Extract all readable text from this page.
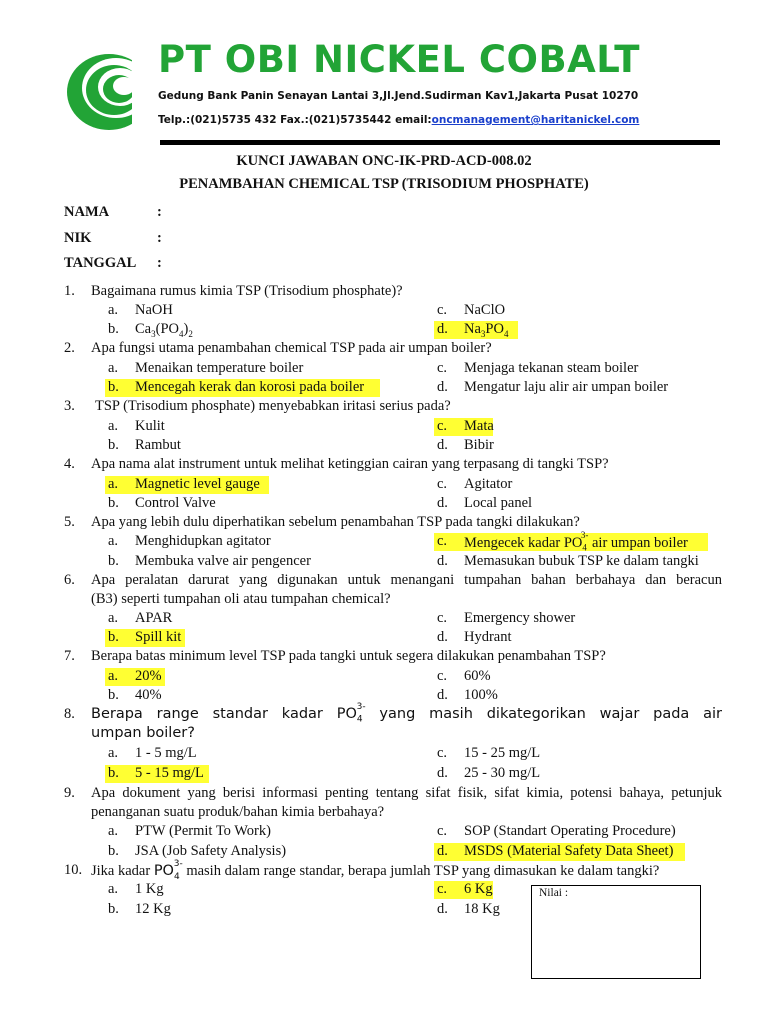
PT OBI NICKEL COBALT
Gedung Bank Panin Senayan Lantai 3,Jl.Jend.Sudirman Kav1,Jakarta Pusat 10270
Telp.:(021)5735 432 Fax.:(021)5735442 email:oncmanagement@haritanickel.com
KUNCI JAWABAN ONC-IK-PRD-ACD-008.02
PENAMBAHAN CHEMICAL TSP (TRISODIUM PHOSPHATE)
NAMA	:
NIK	:
TANGGAL :
1. Bagaimana rumus kimia TSP (Trisodium phosphate)?
a. NaOH	c. NaClO
b. $Ca_3(PO_4)_2$	d. $Na_3PO_4$
2. Apa fungsi utama penambahan chemical TSP pada air umpan boiler?
a. Menaikan temperature boiler	c. Menjaga tekanan steam boiler
b. Mencegah kerak dan korosi pada boiler	d. Mengatur laju alir air umpan boiler
3. TSP (Trisodium phosphate) menyebabkan iritasi serius pada?
a. Kulit	c. Mata
b. Rambut	d. Bibir
4. Apa nama alat instrument untuk melihat ketinggian cairan yang terpasang di tangki TSP?
a. Magnetic level gauge	c. Agitator
b. Control Valve	d. Local panel
5. Apa yang lebih dulu diperhatikan sebelum penambahan TSP pada tangki dilakukan?
a. Menghidupkan agitator	c. Mengecek kadar $PO_4^{3-}$ air umpan boiler
b. Membuka valve air pengencer	d. Memasukan bubuk TSP ke dalam tangki
6. Apa peralatan darurat yang digunakan untuk menangani tumpahan bahan berbahaya dan beracun
(B3) seperti tumpahan oli atau tumpahan chemical?
a. APAR	c. Emergency shower
b. Spill kit	d. Hydrant
7. Berapa batas minimum level TSP pada tangki untuk segera dilakukan penambahan TSP?
a. 20%	c. 60%
b. 40%	d. 100%
8. Berapa range standar kadar $PO_4^{3-}$ yang masih dikategorikan wajar pada air
umpan boiler?
a. 1 - 5 mg/L	c. 15 - 25 mg/L
b. 5 - 15 mg/L	d. 25 - 30 mg/L
9. Apa dokument yang berisi informasi penting tentang sifat fisik, sifat kimia, potensi bahaya, petunjuk
penanganan suatu produk/bahan kimia berbahaya?
a. PTW (Permit To Work)	c. SOP (Standart Operating Procedure)
b. JSA (Job Safety Analysis)	d. MSDS (Material Safety Data Sheet)
10. Jika kadar $PO_4^{3-}$ masih dalam range standar, berapa jumlah TSP yang dimasukan ke dalam tangki?
a. 1 Kg	c. 6 Kg
b. 12 Kg	d. 18 Kg
Nilai :
